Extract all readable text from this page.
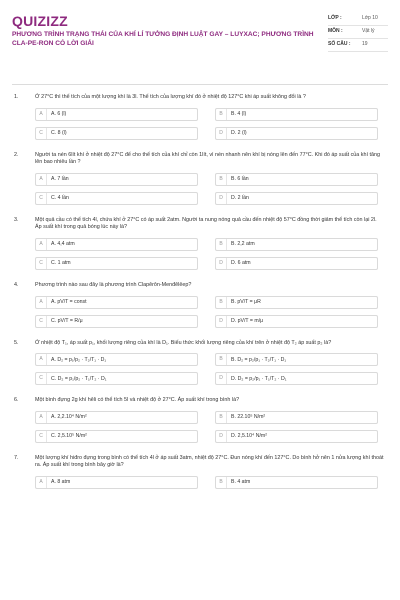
QUIZIZZ
PHƯƠNG TRÌNH TRẠNG THÁI CỦA KHÍ LÍ TƯỞNG ĐỊNH LUẬT GAY – LUYXAC; PHƯƠNG TRÌNH CLA-PE-RON CÓ LỜI GIẢI
LỚP :	Lớp 10
MÔN :	Vật lý
SỐ CÂU :	19
1.	Ở 27°C thì thể tích của một lượng khí là 3l. Thể tích của lượng khí đó ở nhiệt độ 127°C khi áp suất không đổi là ?
A	A. 6 (l)	B	B. 4 (l)
C	C. 8 (l)	D	D. 2 (l)
2.	Người ta nén 6lít khí ở nhiệt độ 27°C để cho thể tích của khí chỉ còn 1lít, vì nén nhanh nên khí bị nóng lên đến 77°C. Khi đó áp suất của khí tăng lên bao nhiêu lần ?
A	A. 7 lần	B	B. 6 lần
C	C. 4 lần	D	D. 2 lần
3.	Một quả cầu có thể tích 4l, chứa khí ở 27°C có áp suất 2atm. Người ta nung nóng quả cầu đến nhiệt độ 57°C đồng thời giảm thể tích còn lại 2l. Áp suất khí trong quả bóng lúc này là?
A	A. 4,4 atm	B	B. 2,2 atm
C	C. 1 atm	D	D. 6 atm
4.	Phương trình nào sau đây là phương trình Clapêrôn-Menđêlêep?
A	A. pV/T = const	B	B. pV/T = μR
C	C. pV/T = R/μ	D	D. pV/T = m/μ
5.	Ở nhiệt độ T₁, áp suất p₁, khối lượng riêng của khí là D₁. Biểu thức khối lượng riêng của khí trên ở nhiệt độ T₂ áp suất p₂ là?
A	A. D₂ = p₁/p₂ · T₂/T₁ · D₁	B	B. D₂ = p₂/p₁ · T₂/T₁ · D₁
C	C. D₂ = p₁/p₂ · T₁/T₂ · D₁	D	D. D₂ = p₂/p₁ · T₁/T₂ · D₁
6.	Một bình đựng 2g khí hêli có thể tích 5l và nhiệt độ ở 27°C. Áp suất khí trong bình là?
A	A. 2,2.10⁴ N/m²	B	B. 22.10⁵ N/m²
C	C. 2,5.10⁵ N/m²	D	D. 2,5.10⁴ N/m²
7.	Một lượng khí hiđro đựng trong bình có thể tích 4l ở áp suất 3atm, nhiệt độ 27°C. Đun nóng khí đến 127°C. Do bình hở nên 1 nửa lượng khí thoát ra. Áp suất khí trong bình bây giờ là?
A	A. 8 atm	B	B. 4 atm
